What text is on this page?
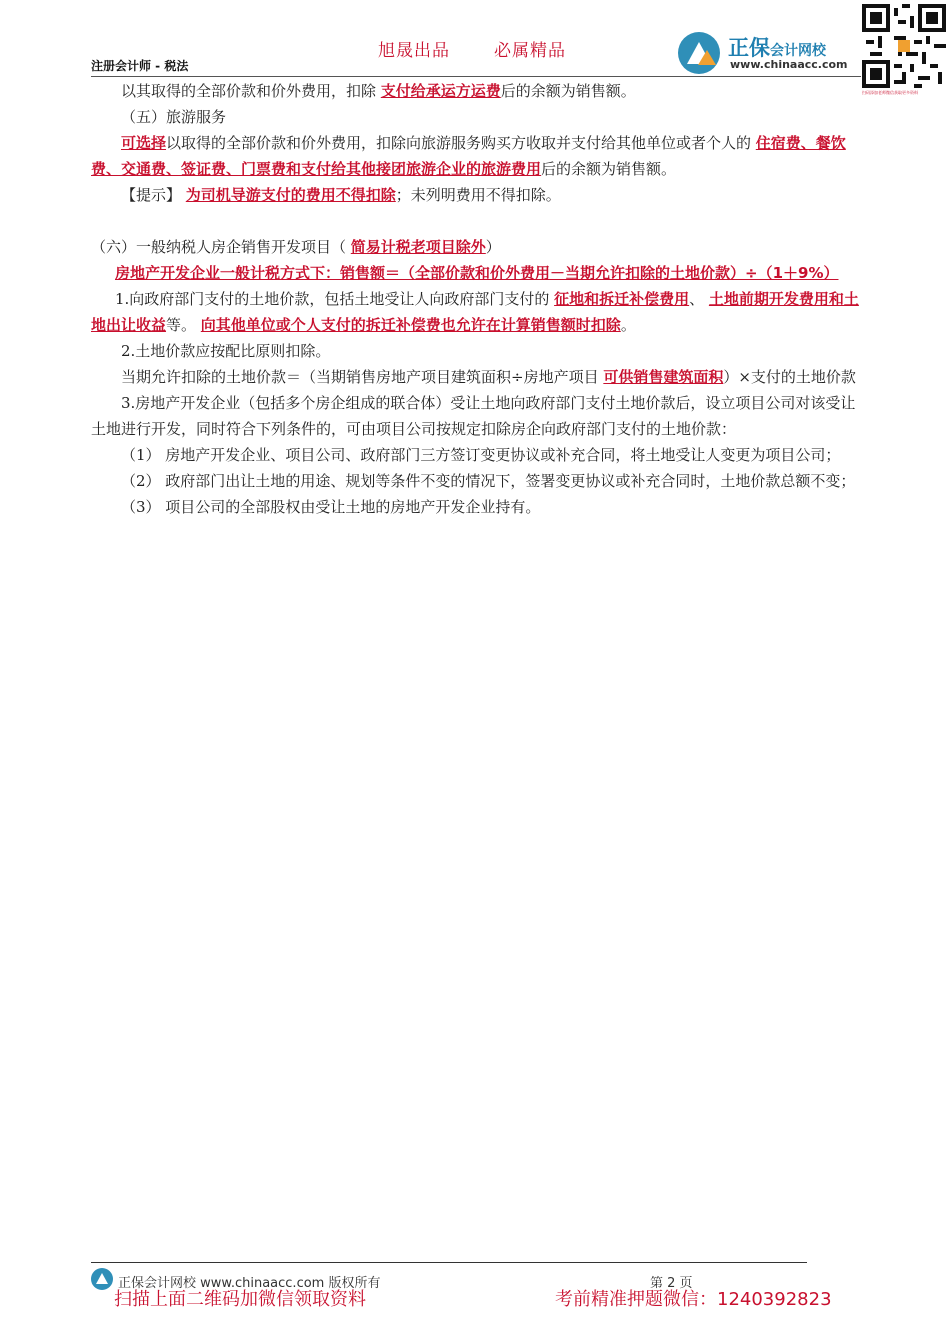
旭晟出品	必属精品
注册会计师 - 税法
正保会计网校
www.chinaacc.com
扫码添加老师微信获取更多资料

以其取得的全部价款和价外费用，扣除 支付给承运方运费后的余额为销售额。

（五）旅游服务

可选择以取得的全部价款和价外费用，扣除向旅游服务购买方收取并支付给其他单位或者个人的 住宿费、餐饮费、交通费、签证费、门票费和支付给其他接团旅游企业的旅游费用后的余额为销售额。

【提示】 为司机导游支付的费用不得扣除；未列明费用不得扣除。

（六）一般纳税人房企销售开发项目（ 简易计税老项目除外）

房地产开发企业一般计税方式下：销售额＝（全部价款和价外费用－当期允许扣除的土地价款）÷（1＋9%）

1.向政府部门支付的土地价款，包括土地受让人向政府部门支付的 征地和拆迁补偿费用、 土地前期开发费用和土地出让收益等。 向其他单位或个人支付的拆迁补偿费也允许在计算销售额时扣除。

2.土地价款应按配比原则扣除。

当期允许扣除的土地价款＝（当期销售房地产项目建筑面积÷房地产项目 可供销售建筑面积）×支付的土地价款

3.房地产开发企业（包括多个房企组成的联合体）受让土地向政府部门支付土地价款后，设立项目公司对该受让土地进行开发，同时符合下列条件的，可由项目公司按规定扣除房企向政府部门支付的土地价款：

（1） 房地产开发企业、项目公司、政府部门三方签订变更协议或补充合同，将土地受让人变更为项目公司；

（2） 政府部门出让土地的用途、规划等条件不变的情况下，签署变更协议或补充合同时，土地价款总额不变；

（3） 项目公司的全部股权由受让土地的房地产开发企业持有。

正保会计网校 www.chinaacc.com 版权所有	第 2 页
扫描上面二维码加微信领取资料	考前精准押题微信：1240392823
